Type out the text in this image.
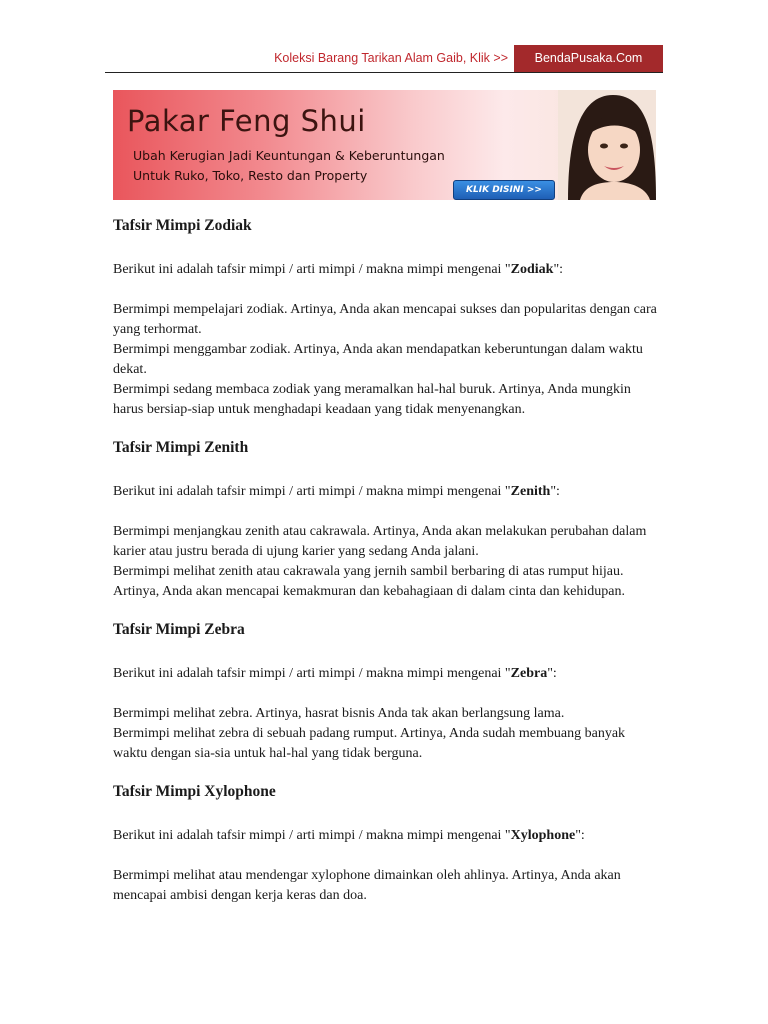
Koleksi Barang Tarikan Alam Gaib, Klik >>	BendaPusaka.Com
Pakar Feng Shui
Ubah Kerugian Jadi Keuntungan & Keberuntungan
Untuk Ruko, Toko, Resto dan Property
KLIK DISINI >>
Tafsir Mimpi Zodiak

Berikut ini adalah tafsir mimpi / arti mimpi / makna mimpi mengenai "Zodiak":

Bermimpi mempelajari zodiak. Artinya, Anda akan mencapai sukses dan popularitas dengan cara yang terhormat.
Bermimpi menggambar zodiak. Artinya, Anda akan mendapatkan keberuntungan dalam waktu dekat.
Bermimpi sedang membaca zodiak yang meramalkan hal-hal buruk. Artinya, Anda mungkin harus bersiap-siap untuk menghadapi keadaan yang tidak menyenangkan.
Tafsir Mimpi Zenith

Berikut ini adalah tafsir mimpi / arti mimpi / makna mimpi mengenai "Zenith":

Bermimpi menjangkau zenith atau cakrawala. Artinya, Anda akan melakukan perubahan dalam karier atau justru berada di ujung karier yang sedang Anda jalani.
Bermimpi melihat zenith atau cakrawala yang jernih sambil berbaring di atas rumput hijau. Artinya, Anda akan mencapai kemakmuran dan kebahagiaan di dalam cinta dan kehidupan.
Tafsir Mimpi Zebra

Berikut ini adalah tafsir mimpi / arti mimpi / makna mimpi mengenai "Zebra":

Bermimpi melihat zebra. Artinya, hasrat bisnis Anda tak akan berlangsung lama.
Bermimpi melihat zebra di sebuah padang rumput. Artinya, Anda sudah membuang banyak waktu dengan sia-sia untuk hal-hal yang tidak berguna.
Tafsir Mimpi Xylophone

Berikut ini adalah tafsir mimpi / arti mimpi / makna mimpi mengenai "Xylophone":

Bermimpi melihat atau mendengar xylophone dimainkan oleh ahlinya. Artinya, Anda akan mencapai ambisi dengan kerja keras dan doa.
